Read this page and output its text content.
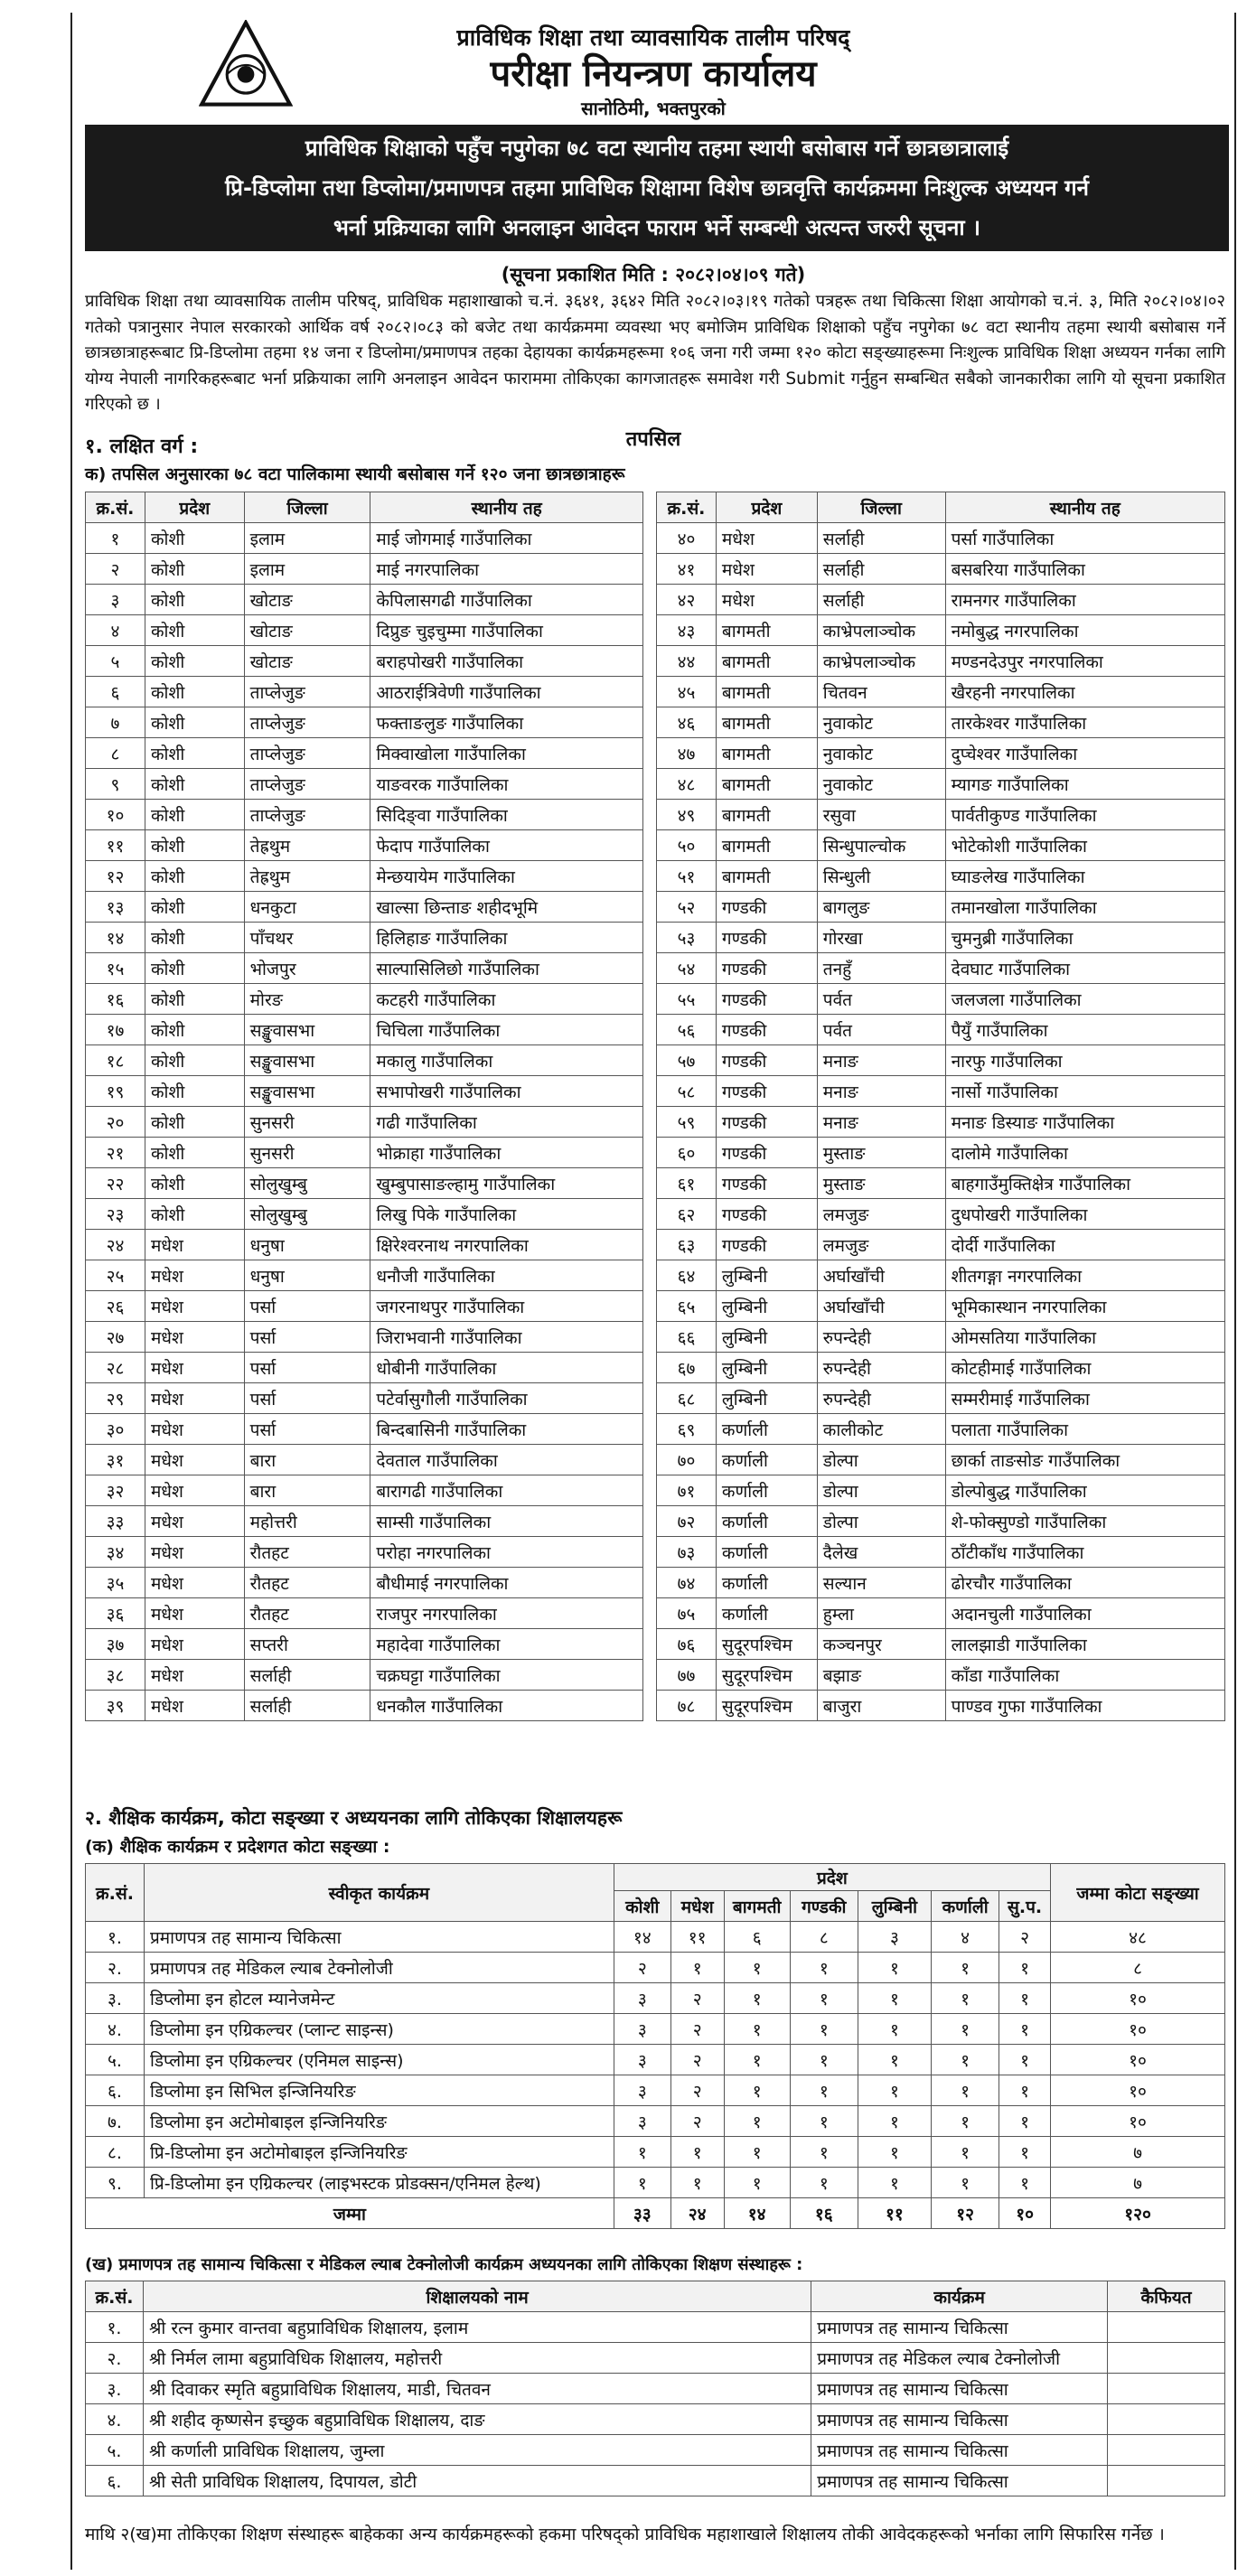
प्राविधिक शिक्षा तथा व्यावसायिक तालीम परिषद्
परीक्षा नियन्त्रण कार्यालय
सानोठिमी, भक्तपुरको
प्राविधिक शिक्षाको पहुँच नपुगेका ७८ वटा स्थानीय तहमा स्थायी बसोबास गर्ने छात्रछात्रालाई
प्रि-डिप्लोमा तथा डिप्लोमा/प्रमाणपत्र तहमा प्राविधिक शिक्षामा विशेष छात्रवृत्ति कार्यक्रममा निःशुल्क अध्ययन गर्न
भर्ना प्रक्रियाका लागि अनलाइन आवेदन फाराम भर्ने सम्बन्धी अत्यन्त जरुरी सूचना ।
(सूचना प्रकाशित मिति : २०८२।०४।०९ गते)
प्राविधिक शिक्षा तथा व्यावसायिक तालीम परिषद्, प्राविधिक महाशाखाको च.नं. ३६४१, ३६४२ मिति २०८२।०३।१९ गतेको पत्रहरू तथा चिकित्सा शिक्षा आयोगको च.नं. ३, मिति २०८२।०४।०२ गतेको पत्रानुसार नेपाल सरकारको आर्थिक वर्ष २०८२।०८३ को बजेट तथा कार्यक्रममा व्यवस्था भए बमोजिम प्राविधिक शिक्षाको पहुँच नपुगेका ७८ वटा स्थानीय तहमा स्थायी बसोबास गर्ने छात्रछात्राहरूबाट प्रि-डिप्लोमा तहमा १४ जना र डिप्लोमा/प्रमाणपत्र तहका देहायका कार्यक्रमहरूमा १०६ जना गरी जम्मा १२० कोटा सङ्ख्याहरूमा निःशुल्क प्राविधिक शिक्षा अध्ययन गर्नका लागि योग्य नेपाली नागरिकहरूबाट भर्ना प्रक्रियाका लागि अनलाइन आवेदन फाराममा तोकिएका कागजातहरू समावेश गरी Submit गर्नुहुन सम्बन्धित सबैको जानकारीका लागि यो सूचना प्रकाशित गरिएको छ ।
१. लक्षित वर्ग :	तपसिल
क) तपसिल अनुसारका ७८ वटा पालिकामा स्थायी बसोबास गर्ने १२० जना छात्रछात्राहरू
क्र.सं.	प्रदेश	जिल्ला	स्थानीय तह
१	कोशी	इलाम	माई जोगमाई गाउँपालिका
२	कोशी	इलाम	माई नगरपालिका
३	कोशी	खोटाङ	केपिलासगढी गाउँपालिका
४	कोशी	खोटाङ	दिप्रुङ चुइचुम्मा गाउँपालिका
५	कोशी	खोटाङ	बराहपोखरी गाउँपालिका
६	कोशी	ताप्लेजुङ	आठराईत्रिवेणी गाउँपालिका
७	कोशी	ताप्लेजुङ	फक्ताङलुङ गाउँपालिका
८	कोशी	ताप्लेजुङ	मिक्वाखोला गाउँपालिका
९	कोशी	ताप्लेजुङ	याङवरक गाउँपालिका
१०	कोशी	ताप्लेजुङ	सिदिङ्वा गाउँपालिका
११	कोशी	तेह्रथुम	फेदाप गाउँपालिका
१२	कोशी	तेह्रथुम	मेन्छयायेम गाउँपालिका
१३	कोशी	धनकुटा	खाल्सा छिन्ताङ शहीदभूमि
१४	कोशी	पाँचथर	हिलिहाङ गाउँपालिका
१५	कोशी	भोजपुर	साल्पासिलिछो गाउँपालिका
१६	कोशी	मोरङ	कटहरी गाउँपालिका
१७	कोशी	सङ्खुवासभा	चिचिला गाउँपालिका
१८	कोशी	सङ्खुवासभा	मकालु गाउँपालिका
१९	कोशी	सङ्खुवासभा	सभापोखरी गाउँपालिका
२०	कोशी	सुनसरी	गढी गाउँपालिका
२१	कोशी	सुनसरी	भोक्राहा गाउँपालिका
२२	कोशी	सोलुखुम्बु	खुम्बुपासाङल्हामु गाउँपालिका
२३	कोशी	सोलुखुम्बु	लिखु पिके गाउँपालिका
२४	मधेश	धनुषा	क्षिरेश्वरनाथ नगरपालिका
२५	मधेश	धनुषा	धनौजी गाउँपालिका
२६	मधेश	पर्सा	जगरनाथपुर गाउँपालिका
२७	मधेश	पर्सा	जिराभवानी गाउँपालिका
२८	मधेश	पर्सा	धोबीनी गाउँपालिका
२९	मधेश	पर्सा	पटेर्वासुगौली गाउँपालिका
३०	मधेश	पर्सा	बिन्दबासिनी गाउँपालिका
३१	मधेश	बारा	देवताल गाउँपालिका
३२	मधेश	बारा	बारागढी गाउँपालिका
३३	मधेश	महोत्तरी	साम्सी गाउँपालिका
३४	मधेश	रौतहट	परोहा नगरपालिका
३५	मधेश	रौतहट	बौधीमाई नगरपालिका
३६	मधेश	रौतहट	राजपुर नगरपालिका
३७	मधेश	सप्तरी	महादेवा गाउँपालिका
३८	मधेश	सर्लाही	चक्रघट्टा गाउँपालिका
३९	मधेश	सर्लाही	धनकौल गाउँपालिका
क्र.सं.	प्रदेश	जिल्ला	स्थानीय तह
४०	मधेश	सर्लाही	पर्सा गाउँपालिका
४१	मधेश	सर्लाही	बसबरिया गाउँपालिका
४२	मधेश	सर्लाही	रामनगर गाउँपालिका
४३	बागमती	काभ्रेपलाञ्चोक	नमोबुद्ध नगरपालिका
४४	बागमती	काभ्रेपलाञ्चोक	मण्डनदेउपुर नगरपालिका
४५	बागमती	चितवन	खैरहनी नगरपालिका
४६	बागमती	नुवाकोट	तारकेश्वर गाउँपालिका
४७	बागमती	नुवाकोट	दुप्चेश्वर गाउँपालिका
४८	बागमती	नुवाकोट	म्यागङ गाउँपालिका
४९	बागमती	रसुवा	पार्वतीकुण्ड गाउँपालिका
५०	बागमती	सिन्धुपाल्चोक	भोटेकोशी गाउँपालिका
५१	बागमती	सिन्धुली	घ्याङलेख गाउँपालिका
५२	गण्डकी	बागलुङ	तमानखोला गाउँपालिका
५३	गण्डकी	गोरखा	चुमनुब्री गाउँपालिका
५४	गण्डकी	तनहुँ	देवघाट गाउँपालिका
५५	गण्डकी	पर्वत	जलजला गाउँपालिका
५६	गण्डकी	पर्वत	पैयुँ गाउँपालिका
५७	गण्डकी	मनाङ	नारफु गाउँपालिका
५८	गण्डकी	मनाङ	नार्सो गाउँपालिका
५९	गण्डकी	मनाङ	मनाङ डिस्याङ गाउँपालिका
६०	गण्डकी	मुस्ताङ	दालोमे गाउँपालिका
६१	गण्डकी	मुस्ताङ	बाहगाउँमुक्तिक्षेत्र गाउँपालिका
६२	गण्डकी	लमजुङ	दुधपोखरी गाउँपालिका
६३	गण्डकी	लमजुङ	दोर्दी गाउँपालिका
६४	लुम्बिनी	अर्घाखाँची	शीतगङ्गा नगरपालिका
६५	लुम्बिनी	अर्घाखाँची	भूमिकास्थान नगरपालिका
६६	लुम्बिनी	रुपन्देही	ओमसतिया गाउँपालिका
६७	लुम्बिनी	रुपन्देही	कोटहीमाई गाउँपालिका
६८	लुम्बिनी	रुपन्देही	सम्मरीमाई गाउँपालिका
६९	कर्णाली	कालीकोट	पलाता गाउँपालिका
७०	कर्णाली	डोल्पा	छार्का ताङसोङ गाउँपालिका
७१	कर्णाली	डोल्पा	डोल्पोबुद्ध गाउँपालिका
७२	कर्णाली	डोल्पा	शे-फोक्सुण्डो गाउँपालिका
७३	कर्णाली	दैलेख	ठाँटीकाँध गाउँपालिका
७४	कर्णाली	सल्यान	ढोरचौर गाउँपालिका
७५	कर्णाली	हुम्ला	अदानचुली गाउँपालिका
७६	सुदूरपश्चिम	कञ्चनपुर	लालझाडी गाउँपालिका
७७	सुदूरपश्चिम	बझाङ	काँडा गाउँपालिका
७८	सुदूरपश्चिम	बाजुरा	पाण्डव गुफा गाउँपालिका
२. शैक्षिक कार्यक्रम, कोटा सङ्ख्या र अध्ययनका लागि तोकिएका शिक्षालयहरू
(क) शैक्षिक कार्यक्रम र प्रदेशगत कोटा सङ्ख्या :
क्र.सं.	स्वीकृत कार्यक्रम	प्रदेश							जम्मा कोटा सङ्ख्या
		कोशी	मधेश	बागमती	गण्डकी	लुम्बिनी	कर्णाली	सु.प.	
१.	प्रमाणपत्र तह सामान्य चिकित्सा	१४	११	६	८	३	४	२	४८
२.	प्रमाणपत्र तह मेडिकल ल्याब टेक्नोलोजी	२	१	१	१	१	१	१	८
३.	डिप्लोमा इन होटल म्यानेजमेन्ट	३	२	१	१	१	१	१	१०
४.	डिप्लोमा इन एग्रिकल्चर (प्लान्ट साइन्स)	३	२	१	१	१	१	१	१०
५.	डिप्लोमा इन एग्रिकल्चर (एनिमल साइन्स)	३	२	१	१	१	१	१	१०
६.	डिप्लोमा इन सिभिल इन्जिनियरिङ	३	२	१	१	१	१	१	१०
७.	डिप्लोमा इन अटोमोबाइल इन्जिनियरिङ	३	२	१	१	१	१	१	१०
८.	प्रि-डिप्लोमा इन अटोमोबाइल इन्जिनियरिङ	१	१	१	१	१	१	१	७
९.	प्रि-डिप्लोमा इन एग्रिकल्चर (लाइभस्टक प्रोडक्सन/एनिमल हेल्थ)	१	१	१	१	१	१	१	७
जम्मा		३३	२४	१४	१६	११	१२	१०	१२०
(ख) प्रमाणपत्र तह सामान्य चिकित्सा र मेडिकल ल्याब टेक्नोलोजी कार्यक्रम अध्ययनका लागि तोकिएका शिक्षण संस्थाहरू :
क्र.सं.	शिक्षालयको नाम	कार्यक्रम	कैफियत
१.	श्री रत्न कुमार वान्तवा बहुप्राविधिक शिक्षालय, इलाम	प्रमाणपत्र तह सामान्य चिकित्सा	
२.	श्री निर्मल लामा बहुप्राविधिक शिक्षालय, महोत्तरी	प्रमाणपत्र तह मेडिकल ल्याब टेक्नोलोजी	
३.	श्री दिवाकर स्मृति बहुप्राविधिक शिक्षालय, माडी, चितवन	प्रमाणपत्र तह सामान्य चिकित्सा	
४.	श्री शहीद कृष्णसेन इच्छुक बहुप्राविधिक शिक्षालय, दाङ	प्रमाणपत्र तह सामान्य चिकित्सा	
५.	श्री कर्णाली प्राविधिक शिक्षालय, जुम्ला	प्रमाणपत्र तह सामान्य चिकित्सा	
६.	श्री सेती प्राविधिक शिक्षालय, दिपायल, डोटी	प्रमाणपत्र तह सामान्य चिकित्सा	
माथि २(ख)मा तोकिएका शिक्षण संस्थाहरू बाहेकका अन्य कार्यक्रमहरूको हकमा परिषद्को प्राविधिक महाशाखाले शिक्षालय तोकी आवेदकहरूको भर्नाका लागि सिफारिस गर्नेछ ।
